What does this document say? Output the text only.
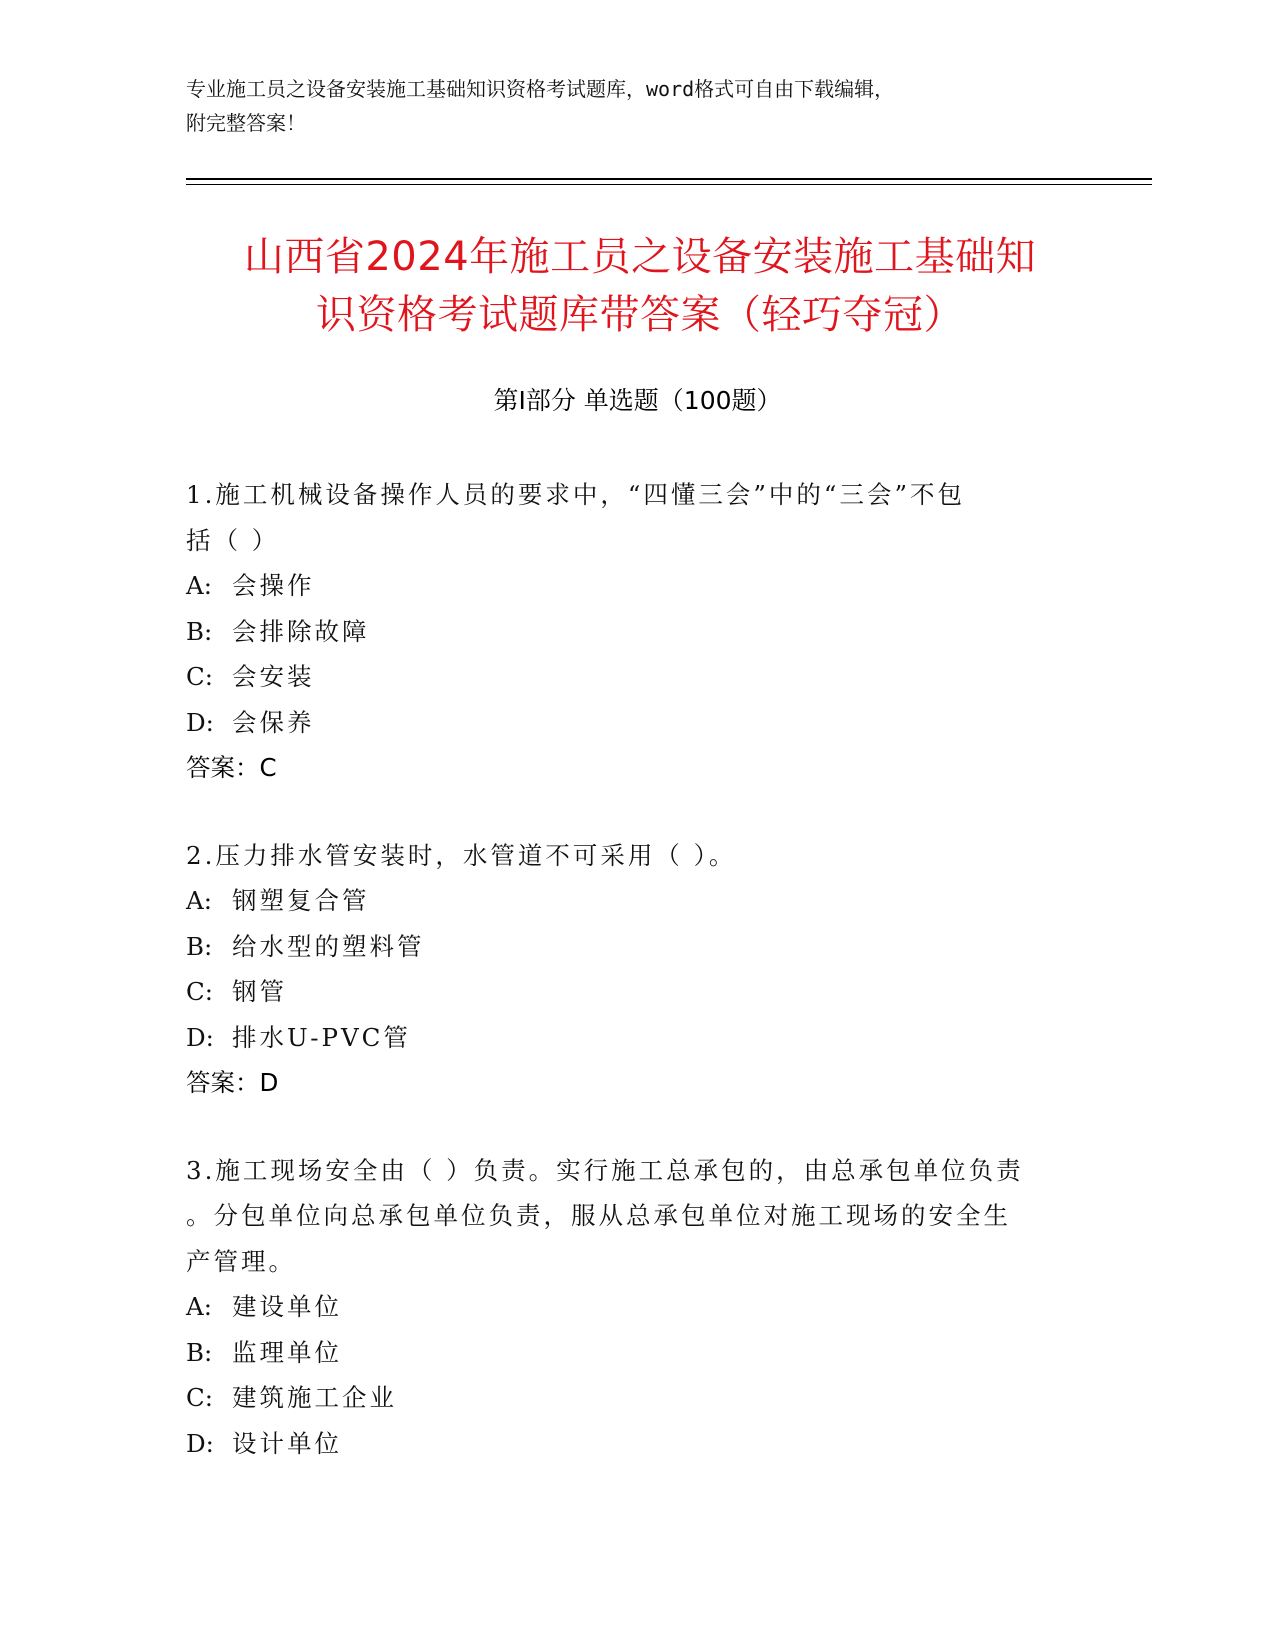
专业施工员之设备安装施工基础知识资格考试题库，word格式可自由下载编辑，
附完整答案！
山西省2024年施工员之设备安装施工基础知
识资格考试题库带答案（轻巧夺冠）
第Ⅰ部分 单选题（100题）
1.施工机械设备操作人员的要求中，“四懂三会”中的“三会”不包
括（ ）
A: 会操作
B: 会排除故障
C: 会安装
D: 会保养
答案：C
2.压力排水管安装时，水管道不可采用（ ）。
A: 钢塑复合管
B: 给水型的塑料管
C: 钢管
D: 排水U-PVC管
答案：D
3.施工现场安全由（ ）负责。实行施工总承包的，由总承包单位负责
。分包单位向总承包单位负责，服从总承包单位对施工现场的安全生
产管理。
A: 建设单位
B: 监理单位
C: 建筑施工企业
D: 设计单位
